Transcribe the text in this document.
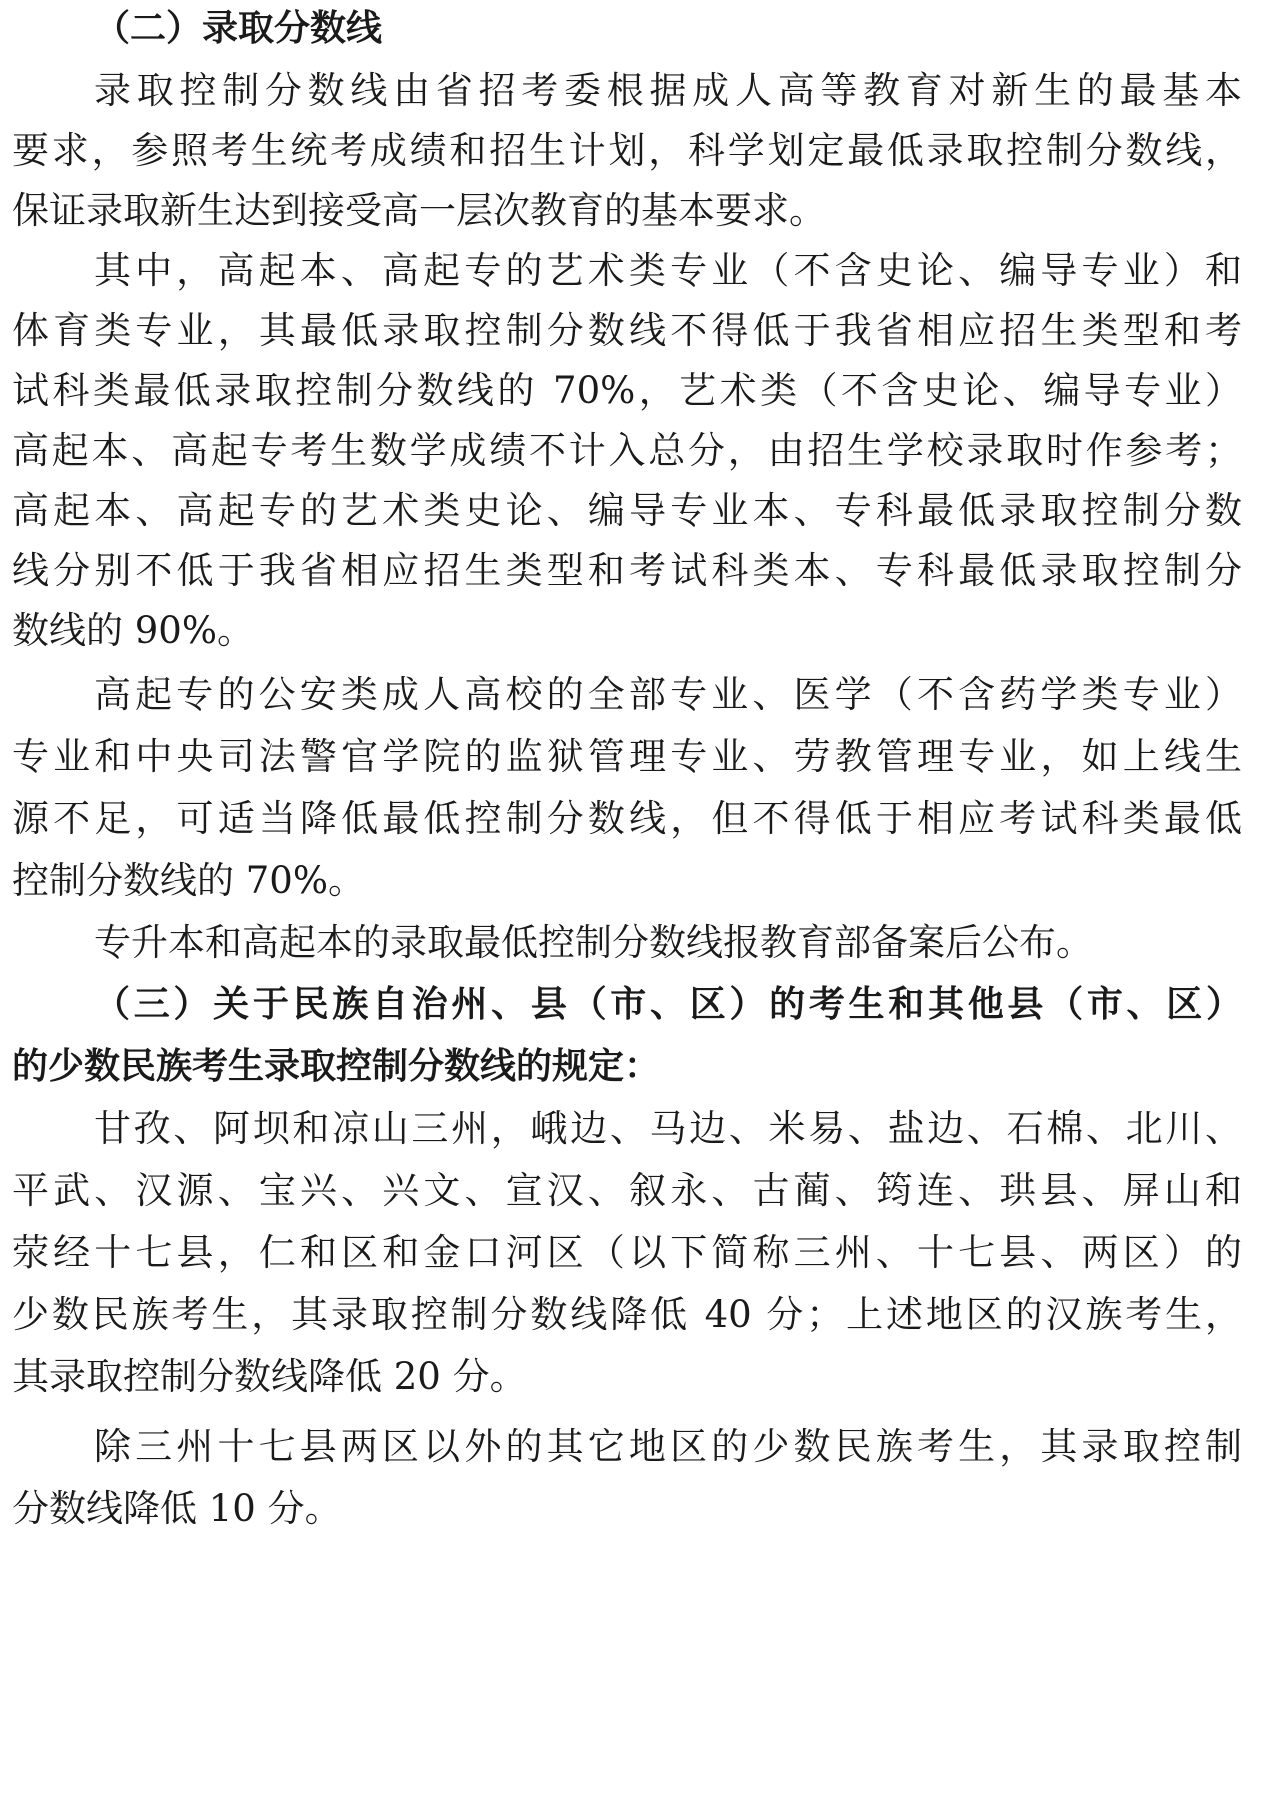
（二）录取分数线
录取控制分数线由省招考委根据成人高等教育对新生的最基本
要求，参照考生统考成绩和招生计划，科学划定最低录取控制分数线，
保证录取新生达到接受高一层次教育的基本要求。
其中，高起本、高起专的艺术类专业（不含史论、编导专业）和
体育类专业，其最低录取控制分数线不得低于我省相应招生类型和考
试科类最低录取控制分数线的 70%，艺术类（不含史论、编导专业）
高起本、高起专考生数学成绩不计入总分，由招生学校录取时作参考；
高起本、高起专的艺术类史论、编导专业本、专科最低录取控制分数
线分别不低于我省相应招生类型和考试科类本、专科最低录取控制分
数线的 90%。
高起专的公安类成人高校的全部专业、医学（不含药学类专业）
专业和中央司法警官学院的监狱管理专业、劳教管理专业，如上线生
源不足，可适当降低最低控制分数线，但不得低于相应考试科类最低
控制分数线的 70%。
专升本和高起本的录取最低控制分数线报教育部备案后公布。
（三）关于民族自治州、县（市、区）的考生和其他县（市、区）
的少数民族考生录取控制分数线的规定：
甘孜、阿坝和凉山三州，峨边、马边、米易、盐边、石棉、北川、
平武、汉源、宝兴、兴文、宣汉、叙永、古蔺、筠连、珙县、屏山和
荥经十七县，仁和区和金口河区（以下简称三州、十七县、两区）的
少数民族考生，其录取控制分数线降低 40 分；上述地区的汉族考生，
其录取控制分数线降低 20 分。
除三州十七县两区以外的其它地区的少数民族考生，其录取控制
分数线降低 10 分。
